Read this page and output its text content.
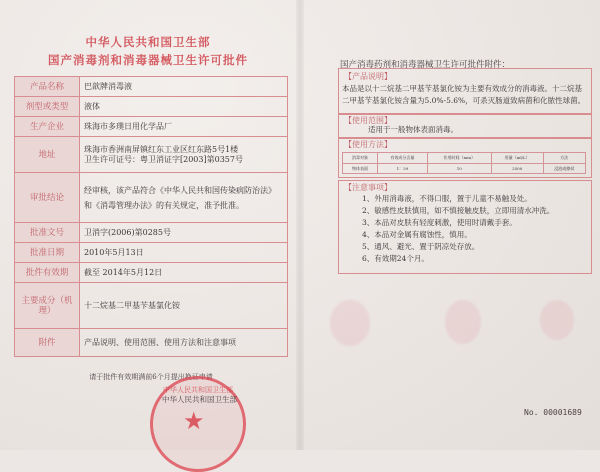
中华人民共和国卫生部
国产消毒剂和消毒器械卫生许可批件
产品名称	巴歆牌消毒液
剂型或类型	液体
生产企业	珠海市多璞日用化学品厂
地址	珠海市香洲南屏镇红东工业区红东路5号1楼
卫生许可证号：粤卫消证字[2003]第0357号
审批结论	经审核，该产品符合《中华人民共和国传染病防治法》和《消毒管理办法》的有关规定，准予批准。
批准文号	卫消字(2006)第0285号
批准日期	2010年5月13日
批件有效期	截至 2014年5月12日
主要成分（机理）	十二烷基二甲基苄基氯化铵
附件	产品说明、使用范围、使用方法和注意事项
请于批件有效期满前6个月提出换证申请
中华人民共和国卫生部
★
中华人民共和国卫生部
国产消毒药剂和消毒器械卫生许可批件附件：
【产品说明】
本品是以十二烷基二甲基苄基氯化铵为主要有效成分的消毒液。十二烷基二甲基苄基氯化铵含量为5.0%-5.6%，可杀灭肠道致病菌和化脓性球菌。
【使用范围】
适用于一般物体表面消毒。
【使用方法】
消毒对象	有效成分含量	作用时间（min）	用量（ml/L）	方法
物体表面	1：39	10	2500	浸泡或擦拭
【注意事项】
1、外用消毒液，不得口服，置于儿童不易触及处。
2、敏感性皮肤慎用，如不慎接触皮肤，立即用清水冲洗。
3、本品对皮肤有轻度刺激，使用时请戴手套。
4、本品对金属有腐蚀性，慎用。
5、通风、避光、置于阴凉处存放。
6、有效期24个月。
No. 00001689
